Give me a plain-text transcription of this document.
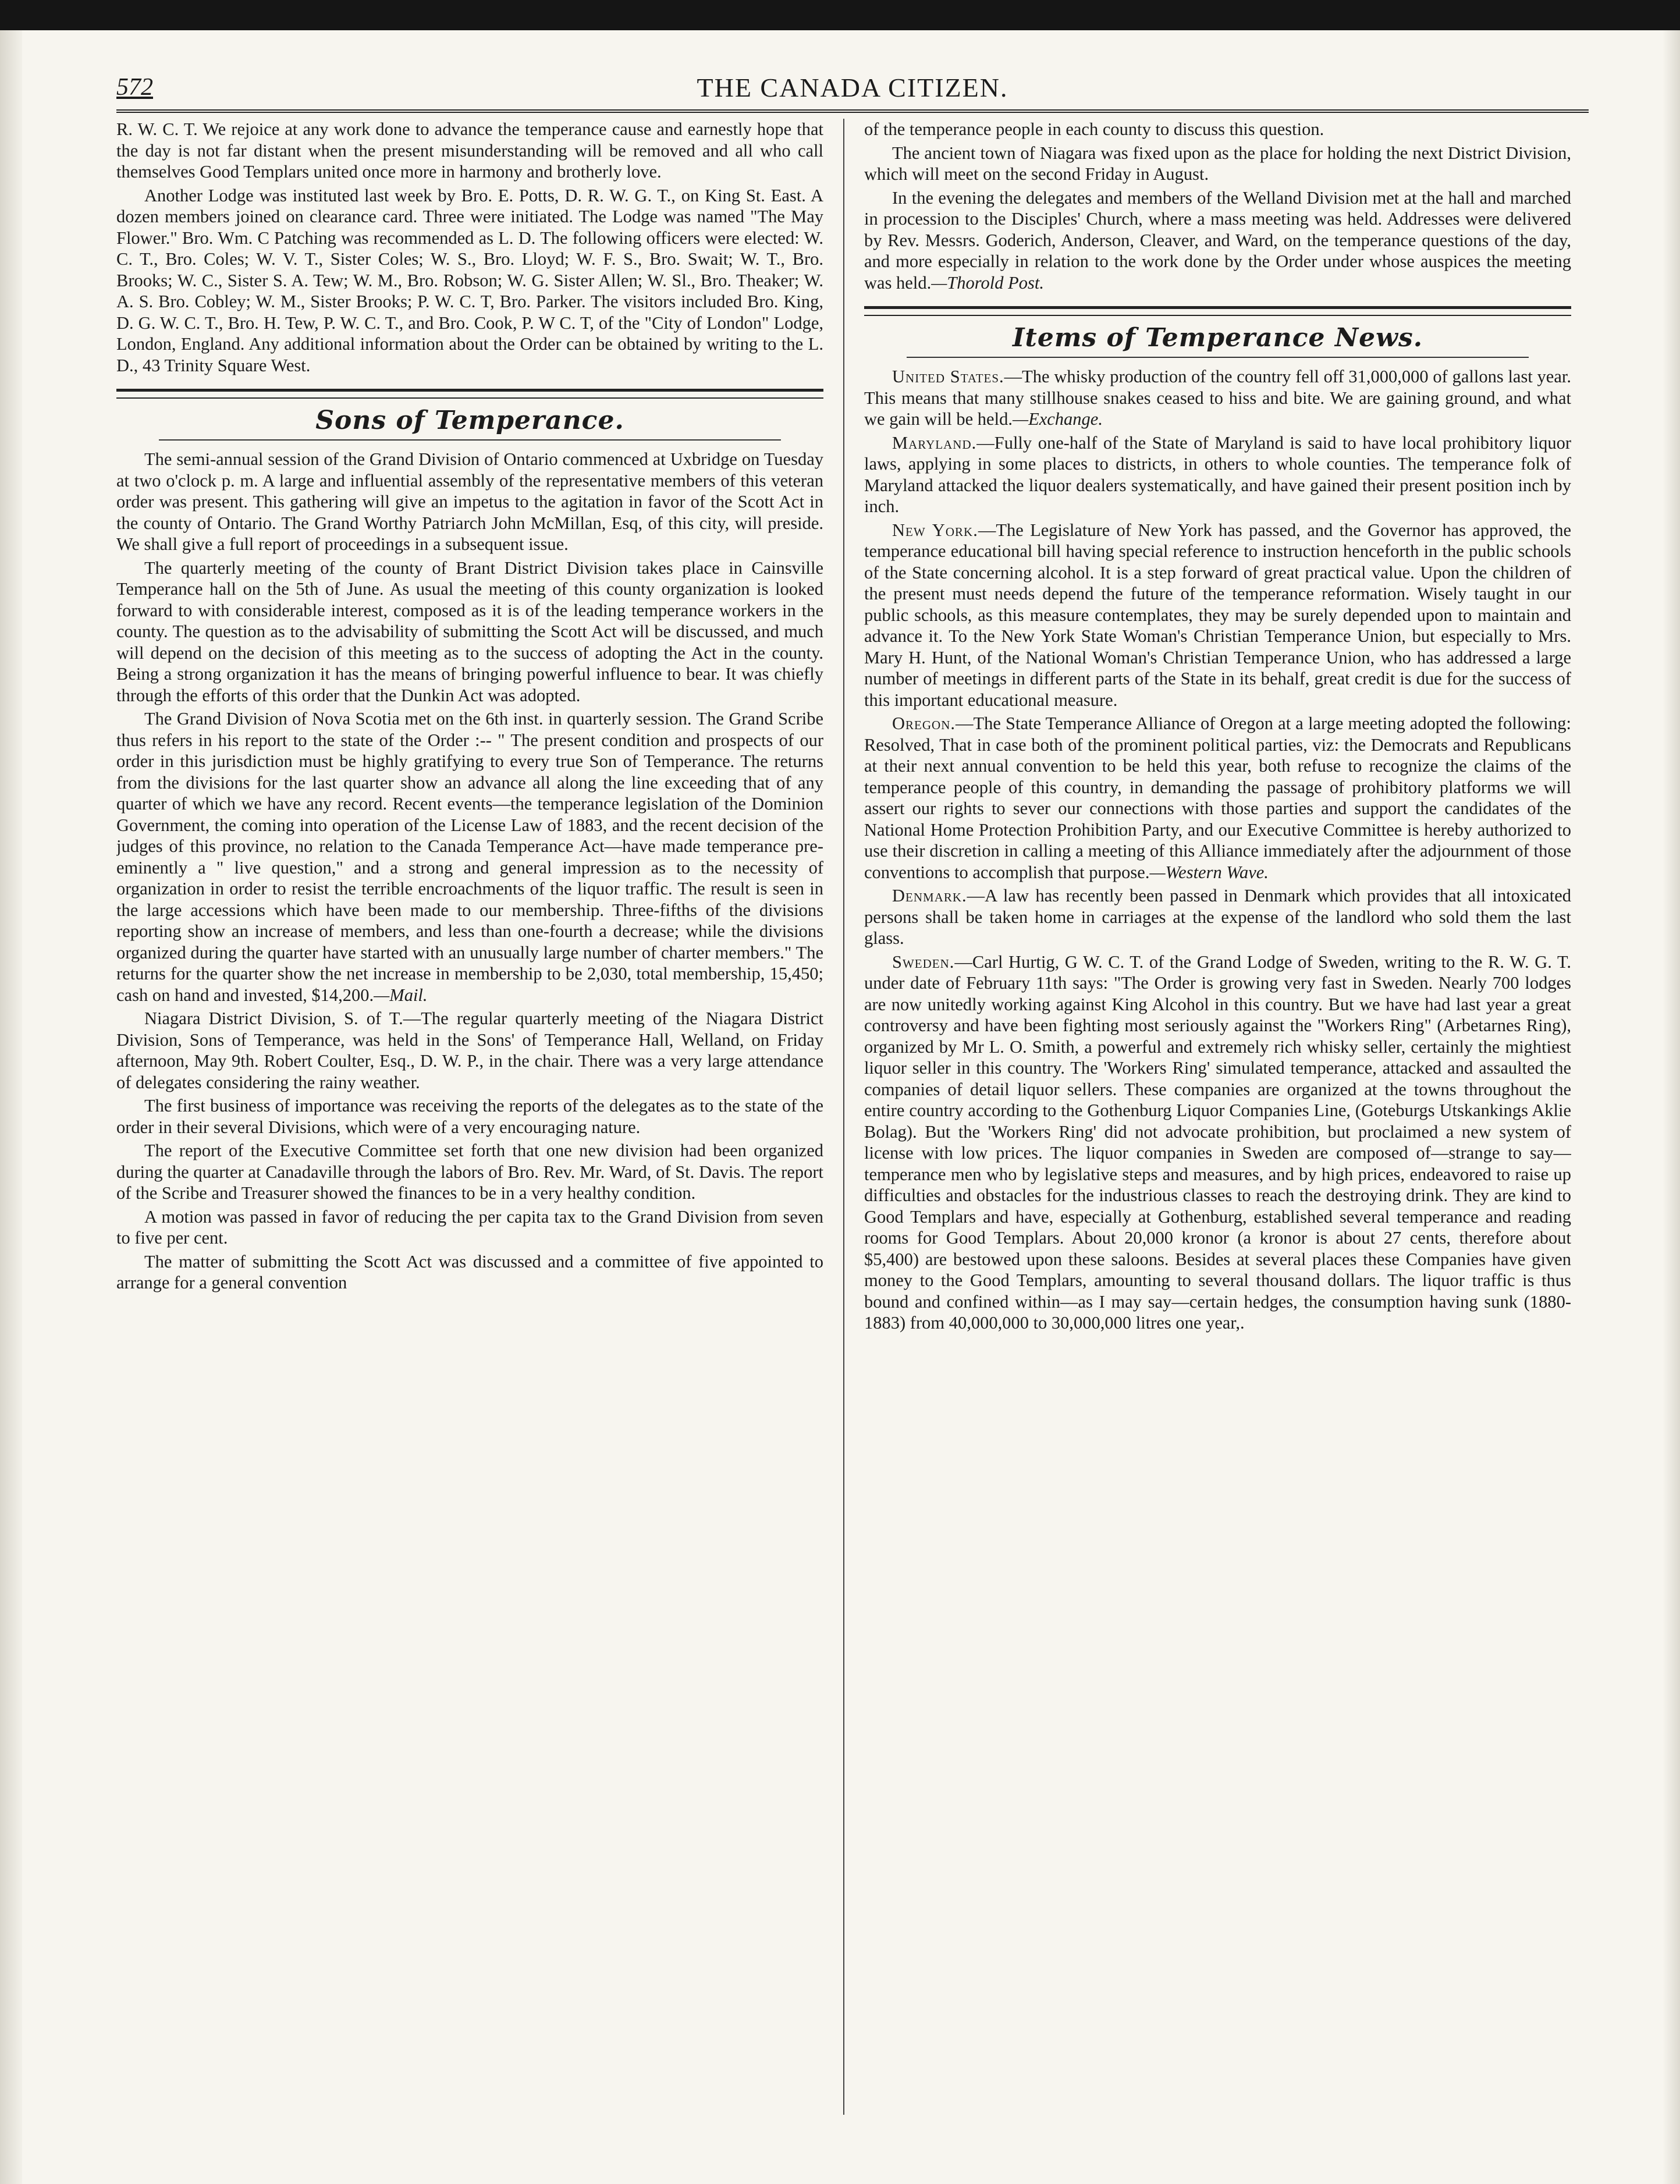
572	THE CANADA CITIZEN.

R. W. C. T. We rejoice at any work done to advance the temperance cause and earnestly hope that the day is not far distant when the present misunderstanding will be removed and all who call themselves Good Templars united once more in harmony and brotherly love.

Another Lodge was instituted last week by Bro. E. Potts, D. R. W. G. T., on King St. East. A dozen members joined on clearance card. Three were initiated. The Lodge was named "The May Flower." Bro. Wm. C Patching was recommended as L. D. The following officers were elected: W. C. T., Bro. Coles; W. V. T., Sister Coles; W. S., Bro. Lloyd; W. F. S., Bro. Swait; W. T., Bro. Brooks; W. C., Sister S. A. Tew; W. M., Bro. Robson; W. G. Sister Allen; W. Sl., Bro. Theaker; W. A. S. Bro. Cobley; W. M., Sister Brooks; P. W. C. T, Bro. Parker. The visitors included Bro. King, D. G. W. C. T., Bro. H. Tew, P. W. C. T., and Bro. Cook, P. W C. T, of the "City of London" Lodge, London, England. Any additional information about the Order can be obtained by writing to the L. D., 43 Trinity Square West.

Sons of Temperance.

The semi-annual session of the Grand Division of Ontario commenced at Uxbridge on Tuesday at two o'clock p. m. A large and influential assembly of the representative members of this veteran order was present. This gathering will give an impetus to the agitation in favor of the Scott Act in the county of Ontario. The Grand Worthy Patriarch John McMillan, Esq, of this city, will preside. We shall give a full report of proceedings in a subsequent issue.

The quarterly meeting of the county of Brant District Division takes place in Cainsville Temperance hall on the 5th of June. As usual the meeting of this county organization is looked forward to with considerable interest, composed as it is of the leading temperance workers in the county. The question as to the advisability of submitting the Scott Act will be discussed, and much will depend on the decision of this meeting as to the success of adopting the Act in the county. Being a strong organization it has the means of bringing powerful influence to bear. It was chiefly through the efforts of this order that the Dunkin Act was adopted.

The Grand Division of Nova Scotia met on the 6th inst. in quarterly session. The Grand Scribe thus refers in his report to the state of the Order :-- " The present condition and prospects of our order in this jurisdiction must be highly gratifying to every true Son of Temperance. The returns from the divisions for the last quarter show an advance all along the line exceeding that of any quarter of which we have any record. Recent events—the temperance legislation of the Dominion Government, the coming into operation of the License Law of 1883, and the recent decision of the judges of this province, no relation to the Canada Temperance Act—have made temperance pre-eminently a " live question," and a strong and general impression as to the necessity of organization in order to resist the terrible encroachments of the liquor traffic. The result is seen in the large accessions which have been made to our membership. Three-fifths of the divisions reporting show an increase of members, and less than one-fourth a decrease; while the divisions organized during the quarter have started with an unusually large number of charter members." The returns for the quarter show the net increase in membership to be 2,030, total membership, 15,450; cash on hand and invested, $14,200.—Mail.

Niagara District Division, S. of T.—The regular quarterly meeting of the Niagara District Division, Sons of Temperance, was held in the Sons' of Temperance Hall, Welland, on Friday afternoon, May 9th. Robert Coulter, Esq., D. W. P., in the chair. There was a very large attendance of delegates considering the rainy weather.

The first business of importance was receiving the reports of the delegates as to the state of the order in their several Divisions, which were of a very encouraging nature.

The report of the Executive Committee set forth that one new division had been organized during the quarter at Canadaville through the labors of Bro. Rev. Mr. Ward, of St. Davis. The report of the Scribe and Treasurer showed the finances to be in a very healthy condition.

A motion was passed in favor of reducing the per capita tax to the Grand Division from seven to five per cent.

The matter of submitting the Scott Act was discussed and a committee of five appointed to arrange for a general convention

of the temperance people in each county to discuss this question.

The ancient town of Niagara was fixed upon as the place for holding the next District Division, which will meet on the second Friday in August.

In the evening the delegates and members of the Welland Division met at the hall and marched in procession to the Disciples' Church, where a mass meeting was held. Addresses were delivered by Rev. Messrs. Goderich, Anderson, Cleaver, and Ward, on the temperance questions of the day, and more especially in relation to the work done by the Order under whose auspices the meeting was held.—Thorold Post.

Items of Temperance News.

United States.—The whisky production of the country fell off 31,000,000 of gallons last year. This means that many stillhouse snakes ceased to hiss and bite. We are gaining ground, and what we gain will be held.—Exchange.

Maryland.—Fully one-half of the State of Maryland is said to have local prohibitory liquor laws, applying in some places to districts, in others to whole counties. The temperance folk of Maryland attacked the liquor dealers systematically, and have gained their present position inch by inch.

New York.—The Legislature of New York has passed, and the Governor has approved, the temperance educational bill having special reference to instruction henceforth in the public schools of the State concerning alcohol. It is a step forward of great practical value. Upon the children of the present must needs depend the future of the temperance reformation. Wisely taught in our public schools, as this measure contemplates, they may be surely depended upon to maintain and advance it. To the New York State Woman's Christian Temperance Union, but especially to Mrs. Mary H. Hunt, of the National Woman's Christian Temperance Union, who has addressed a large number of meetings in different parts of the State in its behalf, great credit is due for the success of this important educational measure.

Oregon.—The State Temperance Alliance of Oregon at a large meeting adopted the following: Resolved, That in case both of the prominent political parties, viz: the Democrats and Republicans at their next annual convention to be held this year, both refuse to recognize the claims of the temperance people of this country, in demanding the passage of prohibitory platforms we will assert our rights to sever our connections with those parties and support the candidates of the National Home Protection Prohibition Party, and our Executive Committee is hereby authorized to use their discretion in calling a meeting of this Alliance immediately after the adjournment of those conventions to accomplish that purpose.—Western Wave.

Denmark.—A law has recently been passed in Denmark which provides that all intoxicated persons shall be taken home in carriages at the expense of the landlord who sold them the last glass.

Sweden.—Carl Hurtig, G W. C. T. of the Grand Lodge of Sweden, writing to the R. W. G. T. under date of February 11th says: "The Order is growing very fast in Sweden. Nearly 700 lodges are now unitedly working against King Alcohol in this country. But we have had last year a great controversy and have been fighting most seriously against the "Workers Ring" (Arbetarnes Ring), organized by Mr L. O. Smith, a powerful and extremely rich whisky seller, certainly the mightiest liquor seller in this country. The 'Workers Ring' simulated temperance, attacked and assaulted the companies of detail liquor sellers. These companies are organized at the towns throughout the entire country according to the Gothenburg Liquor Companies Line, (Goteburgs Utskankings Aklie Bolag). But the 'Workers Ring' did not advocate prohibition, but proclaimed a new system of license with low prices. The liquor companies in Sweden are composed of—strange to say—temperance men who by legislative steps and measures, and by high prices, endeavored to raise up difficulties and obstacles for the industrious classes to reach the destroying drink. They are kind to Good Templars and have, especially at Gothenburg, established several temperance and reading rooms for Good Templars. About 20,000 kronor (a kronor is about 27 cents, therefore about $5,400) are bestowed upon these saloons. Besides at several places these Companies have given money to the Good Templars, amounting to several thousand dollars. The liquor traffic is thus bound and confined within—as I may say—certain hedges, the consumption having sunk (1880-1883) from 40,000,000 to 30,000,000 litres one year,.
